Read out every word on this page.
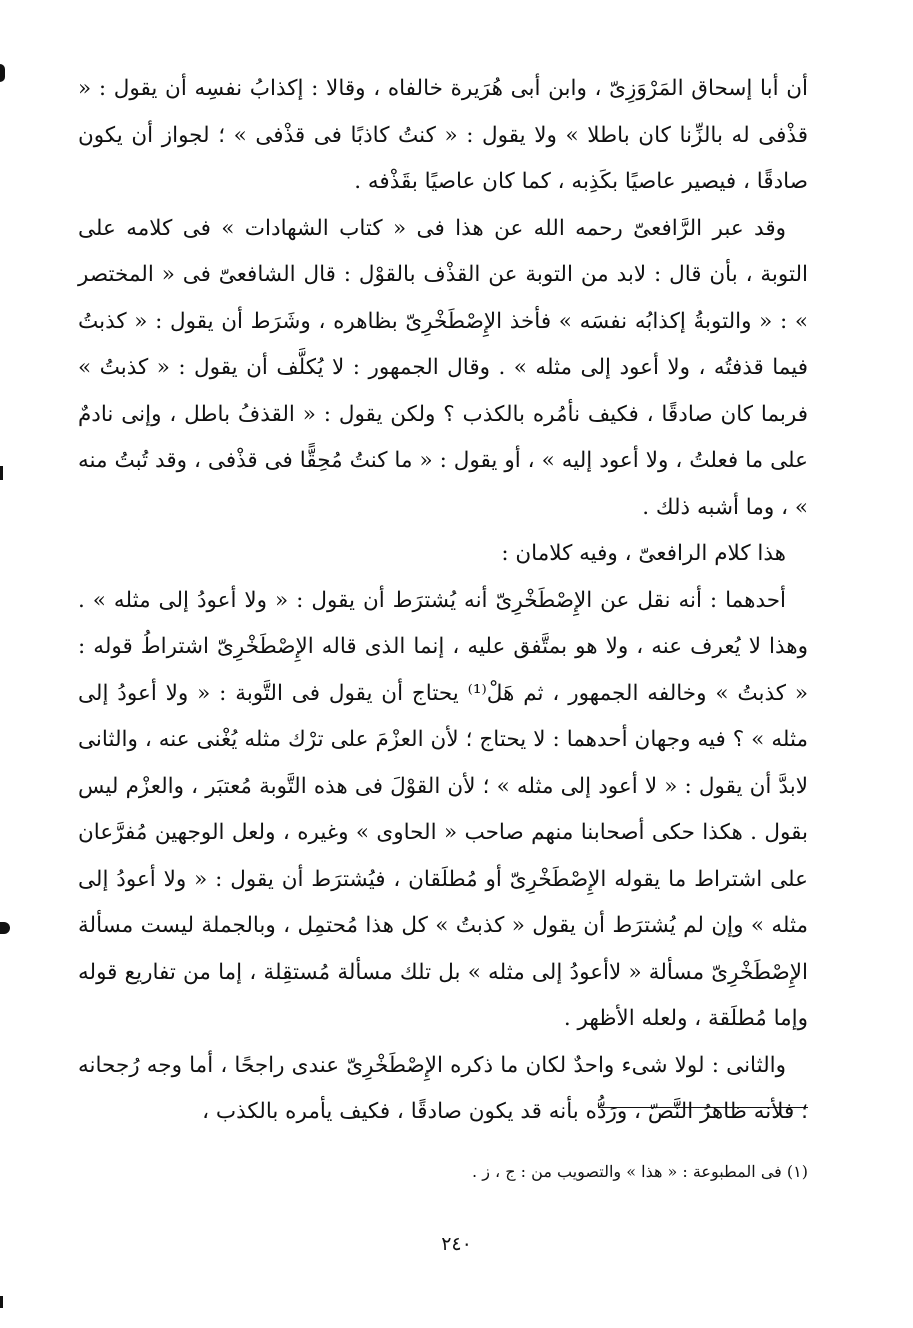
أن أبا إسحاق المَرْوَزِىّ ، وابن أبى هُرَيرة خالفاه ، وقالا : إكذابُ نفسِه أن يقول : « قذْفى له بالزِّنا كان باطلا » ولا يقول : « كنتُ كاذبًا فى قذْفى » ؛ لجواز أن يكون صادقًا ، فيصير عاصيًا بكَذِبه ، كما كان عاصيًا بقَذْفه .

وقد عبر الرَّافعىّ رحمه الله عن هذا فى « كتاب الشهادات » فى كلامه على التوبة ، بأن قال : لابد من التوبة عن القذْف بالقوْل : قال الشافعىّ فى « المختصر » : « والتوبةُ إكذابُه نفسَه » فأخذ الإِصْطَخْرِىّ بظاهره ، وشَرَط أن يقول : « كذبتُ فيما قذفتُه ، ولا أعود إلى مثله » . وقال الجمهور : لا يُكلَّف أن يقول : « كذبتُ » فربما كان صادقًا ، فكيف نأمُره بالكذب ؟ ولكن يقول : « القذفُ باطل ، وإنى نادمٌ على ما فعلتُ ، ولا أعود إليه » ، أو يقول : « ما كنتُ مُحِقًّا فى قذْفى ، وقد تُبتُ منه » ، وما أشبه ذلك .

هذا كلام الرافعىّ ، وفيه كلامان :

أحدهما : أنه نقل عن الإِصْطَخْرِىّ أنه يُشترَط أن يقول : « ولا أعودُ إلى مثله » . وهذا لا يُعرف عنه ، ولا هو بمتَّفق عليه ، إنما الذى قاله الإِصْطَخْرِىّ اشتراطُ قوله : « كذبتُ » وخالفه الجمهور ، ثم هَلْ⁽¹⁾ يحتاج أن يقول فى التَّوبة : « ولا أعودُ إلى مثله » ؟ فيه وجهان أحدهما : لا يحتاج ؛ لأن العزْمَ على ترْك مثله يُغْنى عنه ، والثانى لابدَّ أن يقول : « لا أعود إلى مثله » ؛ لأن القوْلَ فى هذه التَّوبة مُعتبَر ، والعزْم ليس بقول . هكذا حكى أصحابنا منهم صاحب « الحاوى » وغيره ، ولعل الوجهين مُفرَّعان على اشتراط ما يقوله الإِصْطَخْرِىّ أو مُطلَقان ، فيُشترَط أن يقول : « ولا أعودُ إلى مثله » وإن لم يُشترَط أن يقول « كذبتُ » كل هذا مُحتمِل ، وبالجملة ليست مسألة الإِصْطَخْرِىّ مسألة « لاأعودُ إلى مثله » بل تلك مسألة مُستقِلة ، إما من تفاريع قوله وإما مُطلَقة ، ولعله الأظهر .

والثانى : لولا شىء واحدٌ لكان ما ذكره الإِصْطَخْرِىّ عندى راجحًا ، أما وجه رُجحانه ؛ فلأنه ظاهرُ النَّصّ ، ورَدُّه بأنه قد يكون صادقًا ، فكيف يأمره بالكذب ،

(١) فى المطبوعة : « هذا » والتصويب من : ج ، ز .
٢٤٠
